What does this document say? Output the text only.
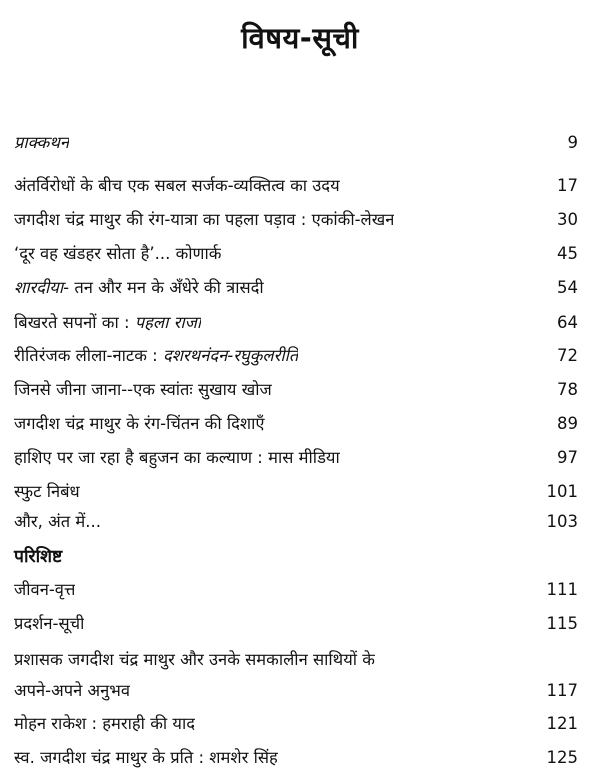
विषय-सूची
परिशिष्ट
प्राक्कथन	9
अंतर्विरोधों के बीच एक सबल सर्जक-व्यक्तित्व का उदय	17
जगदीश चंद्र माथुर की रंग-यात्रा का पहला पड़ाव : एकांकी-लेखन	30
‘दूर वह खंडहर सोता है’... कोणार्क	45
शारदीया- तन और मन के अँधेरे की त्रासदी	54
बिखरते सपनों का : पहला राजा	64
रीतिरंजक लीला-नाटक : दशरथनंदन-रघुकुलरीति	72
जिनसे जीना जाना--एक स्वांतः सुखाय खोज	78
जगदीश चंद्र माथुर के रंग-चिंतन की दिशाएँ	89
हाशिए पर जा रहा है बहुजन का कल्याण : मास मीडिया	97
स्फुट निबंध	101
और, अंत में...	103
जीवन-वृत्त	111
प्रदर्शन-सूची	115
प्रशासक जगदीश चंद्र माथुर और उनके समकालीन साथियों के
अपने-अपने अनुभव	117
मोहन राकेश : हमराही की याद	121
स्व. जगदीश चंद्र माथुर के प्रति : शमशेर सिंह	125
